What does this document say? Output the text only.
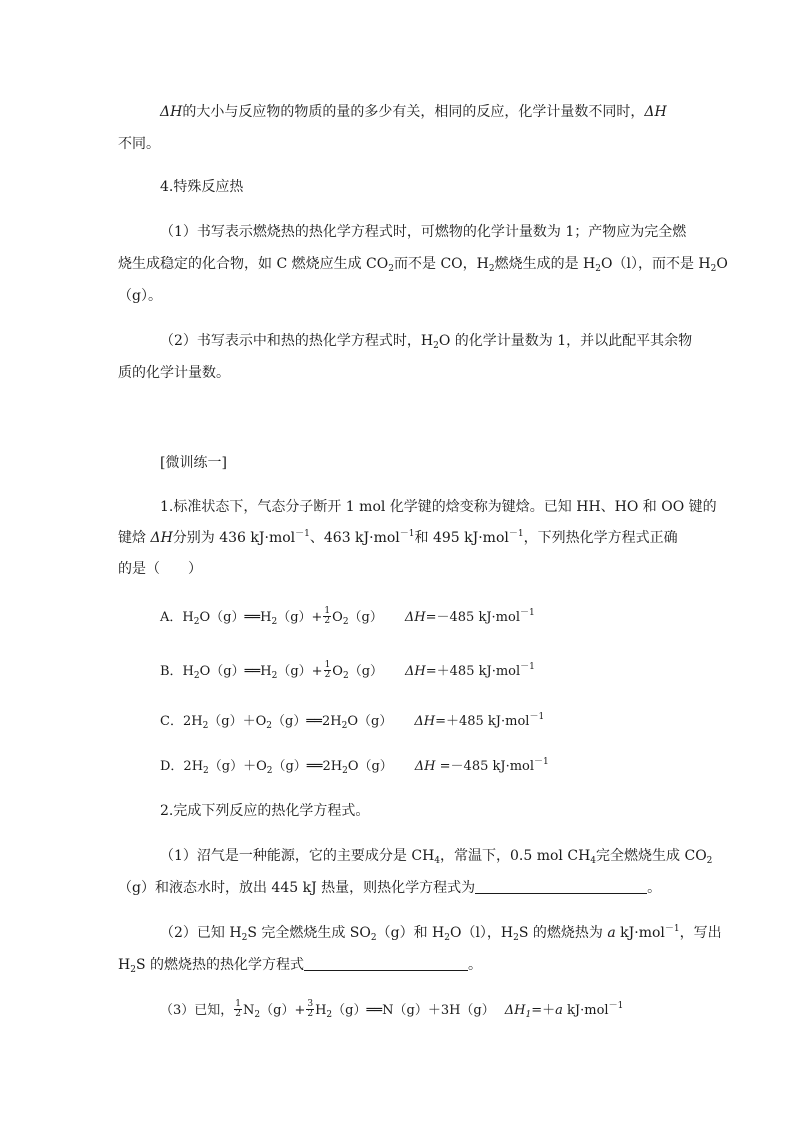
ΔH的大小与反应物的物质的量的多少有关，相同的反应，化学计量数不同时，ΔH
不同。
4.特殊反应热
（1）书写表示燃烧热的热化学方程式时，可燃物的化学计量数为 1；产物应为完全燃
烧生成稳定的化合物，如 C 燃烧应生成 $CO_2$而不是 CO，$H_2$燃烧生成的是 $H_2O(l)$，而不是 $H_2O$
（g）。
（2）书写表示中和热的热化学方程式时，$H_2O$ 的化学计量数为 1，并以此配平其余物
质的化学计量数。
[微训练一]
1.标准状态下，气态分子断开 1 mol 化学键的焓变称为键焓。已知 HH、HO 和 OO 键的
键焓 ΔH分别为 436 kJ·mol$^{-1}$、463 kJ·mol$^{-1}$和 495 kJ·mol$^{-1}$，下列热化学方程式正确
的是（　　）
A．$H_2O(g)══H_2(g)+ \frac{1}{2} O_2(g)$ ΔH=－485 kJ·mol$^{-1}$
B．$H_2O(g)══H_2(g)+ \frac{1}{2} O_2(g)$ ΔH=＋485 kJ·mol$^{-1}$
C．$2H_2(g)+O_2(g)══2H_2O(g)$ ΔH=＋485 kJ·mol$^{-1}$
D．$2H_2(g)+O_2(g)══2H_2O(g)$ ΔH =－485 kJ·mol$^{-1}$
2.完成下列反应的热化学方程式。
（1）沼气是一种能源，它的主要成分是 $CH_4$，常温下，0.5 mol $CH_4$完全燃烧生成 $CO_2$
（g）和液态水时，放出 445 kJ 热量，则热化学方程式为	。
（2）已知 $H_2S$ 完全燃烧生成 $SO_2(g)$和 $H_2O(l)$，$H_2S$ 的燃烧热为 a kJ·mol$^{-1}$，写出
$H_2S$ 的燃烧热的热化学方程式	。
（3）已知， $\frac{1}{2} N_2(g)+ \frac{3}{2}$ $H_2(g)══N(g)+3H(g)$ $\Delta H_1=+a$ kJ·mol$^{-1}$
